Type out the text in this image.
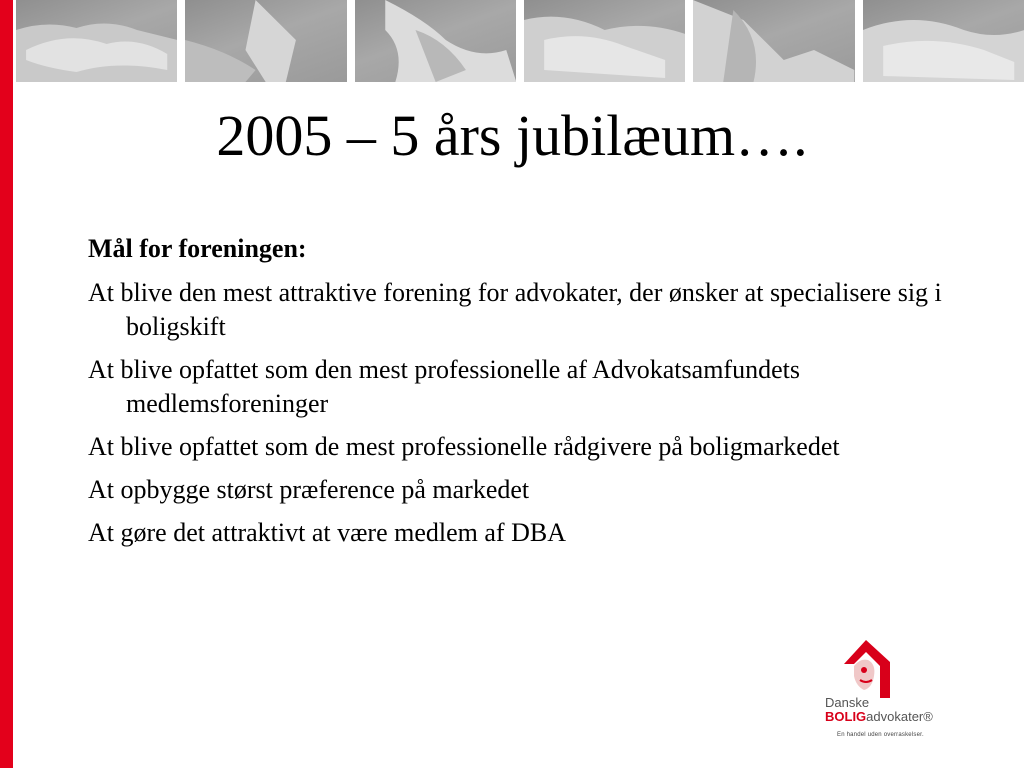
2005 – 5 års jubilæum….

Mål for foreningen:

At blive den mest attraktive forening for advokater, der ønsker at specialisere sig i boligskift

At blive opfattet som den mest professionelle af Advokatsamfundets medlemsforeninger

At blive opfattet som de mest professionelle rådgivere på boligmarkedet

At opbygge størst præference på markedet

At gøre det attraktivt at være medlem af DBA

Danske
BOLIGadvokater®
En handel uden overraskelser.
